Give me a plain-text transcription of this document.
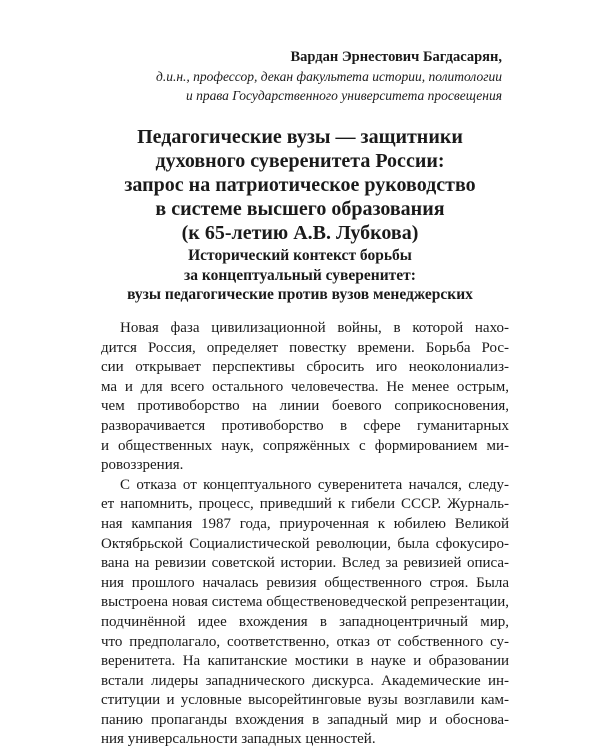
Вардан Эрнестович Багдасарян,
д.и.н., профессор, декан факультета истории, политологии
и права Государственного университета просвещения
Педагогические вузы — защитники
духовного суверенитета России:
запрос на патриотическое руководство
в системе высшего образования
(к 65-летию А.В. Лубкова)
Исторический контекст борьбы
за концептуальный суверенитет:
вузы педагогические против вузов менеджерских
Новая фаза цивилизационной войны, в которой нахо-
дится Россия, определяет повестку времени. Борьба Рос-
сии открывает перспективы сбросить иго неоколониализ-
ма и для всего остального человечества. Не менее острым,
чем противоборство на линии боевого соприкосновения,
разворачивается противоборство в сфере гуманитарных
и общественных наук, сопряжённых с формированием ми-
ровоззрения.
С отказа от концептуального суверенитета начался, следу-
ет напомнить, процесс, приведший к гибели СССР. Журналь-
ная кампания 1987 года, приуроченная к юбилею Великой
Октябрьской Социалистической революции, была сфокусиро-
вана на ревизии советской истории. Вслед за ревизией описа-
ния прошлого началась ревизия общественного строя. Была
выстроена новая система общественоведческой репрезентации,
подчинённой идее вхождения в западноцентричный мир,
что предполагало, соответственно, отказ от собственного су-
веренитета. На капитанские мостики в науке и образовании
встали лидеры западнического дискурса. Академические ин-
ституции и условные высорейтинговые вузы возглавили кам-
панию пропаганды вхождения в западный мир и обоснова-
ния универсальности западных ценностей.
